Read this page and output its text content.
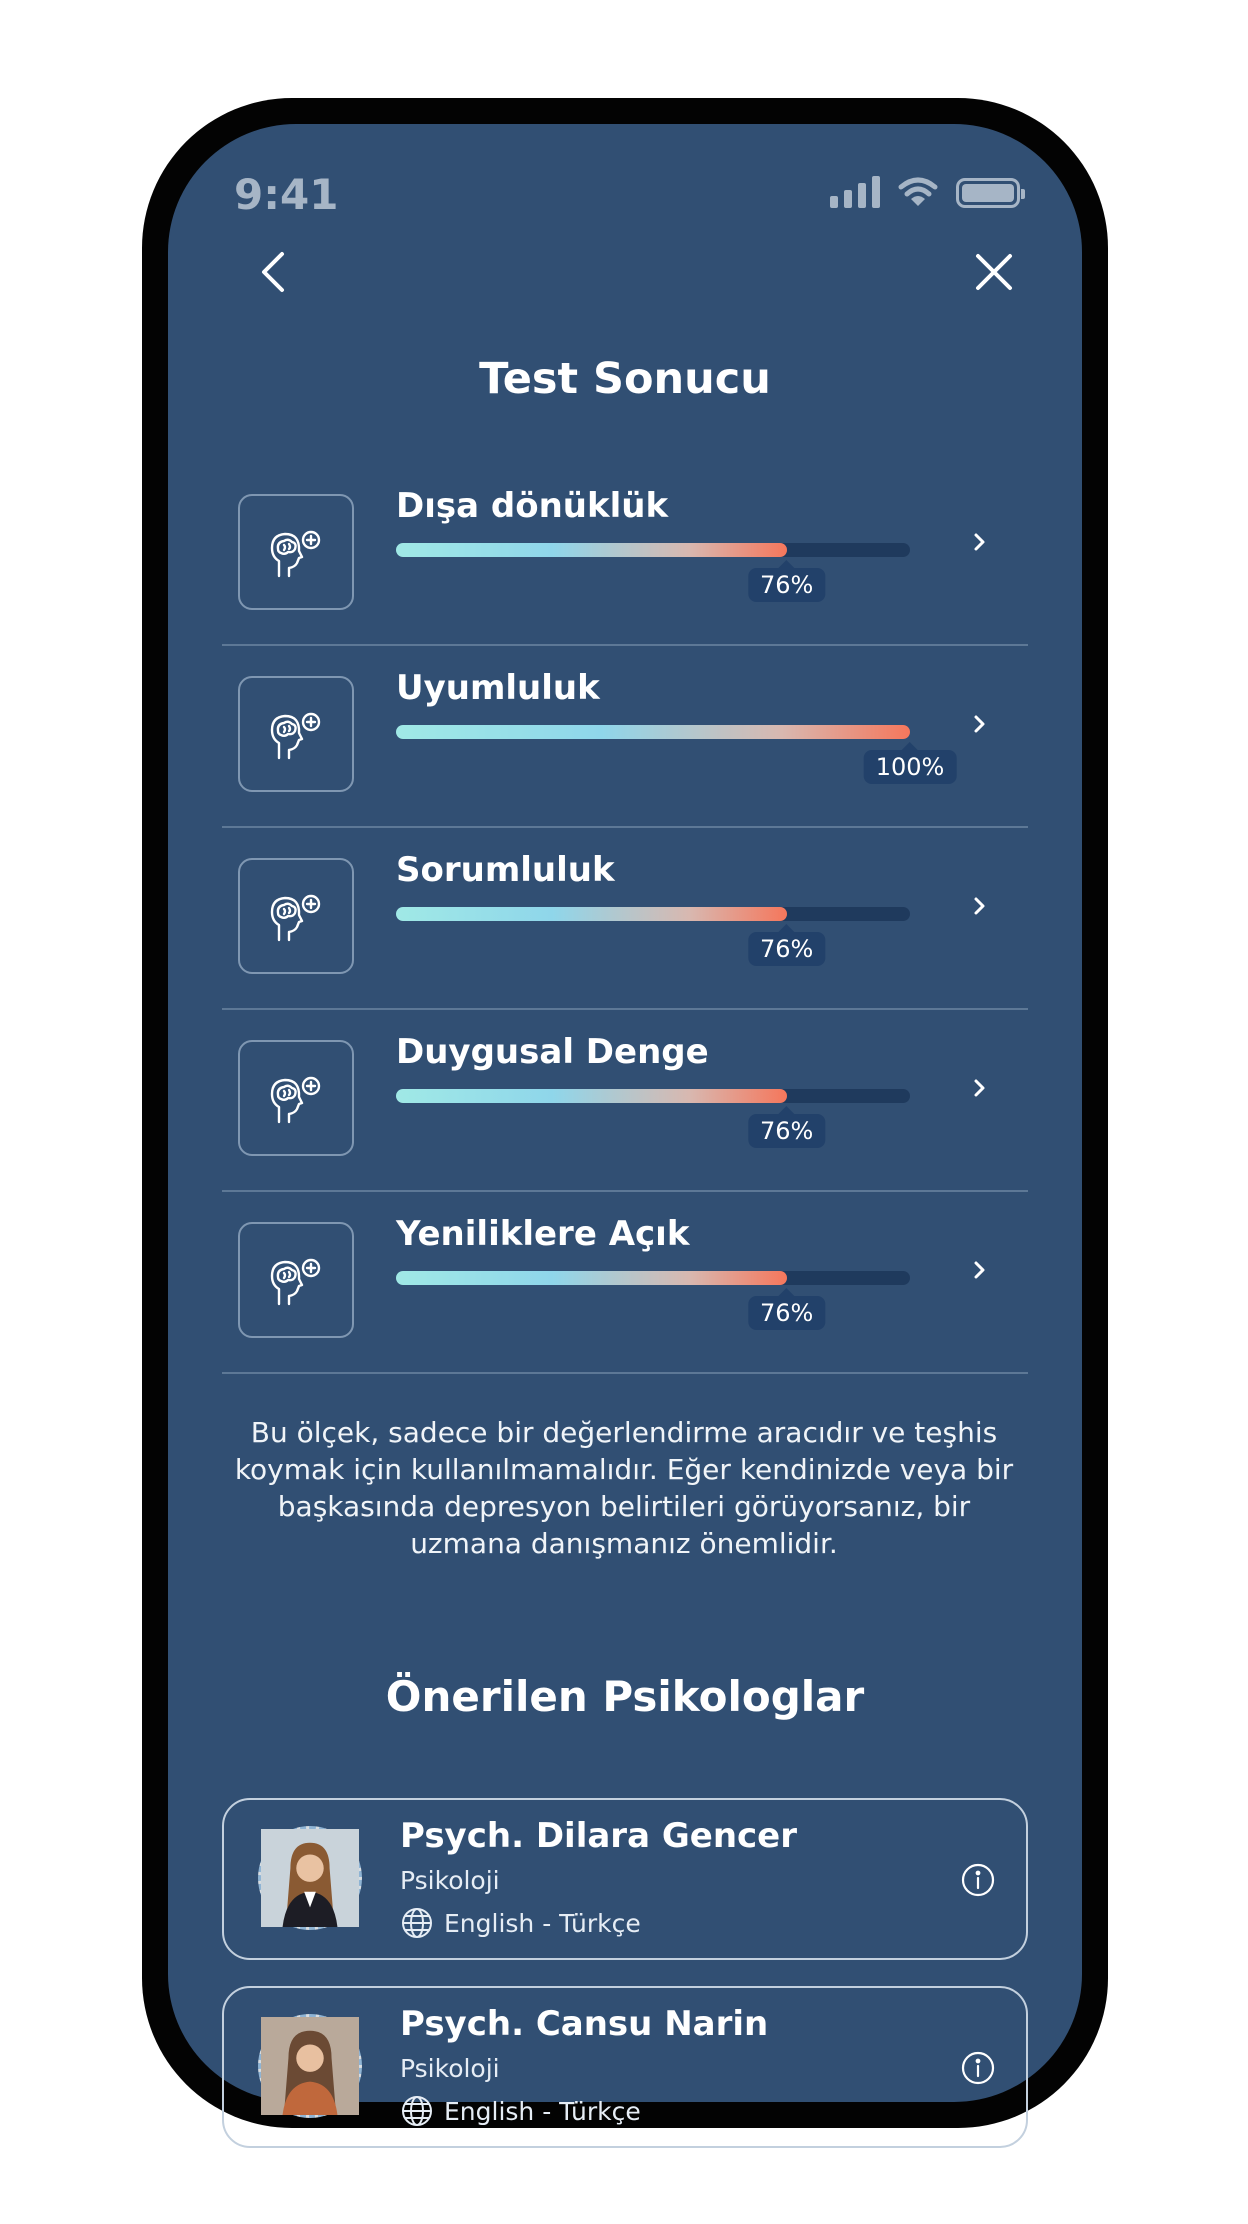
9:41
Test Sonucu
Dışa dönüklük
76%
Uyumluluk
100%
Sorumluluk
76%
Duygusal Denge
76%
Yeniliklere Açık
76%
Bu ölçek, sadece bir değerlendirme aracıdır ve teşhis koymak için kullanılmamalıdır. Eğer kendinizde veya bir başkasında depresyon belirtileri görüyorsanız, bir uzmana danışmanız önemlidir.
Önerilen Psikologlar
Psych. Dilara Gencer
Psikoloji
English - Türkçe
Psych. Cansu Narin
Psikoloji
English - Türkçe
